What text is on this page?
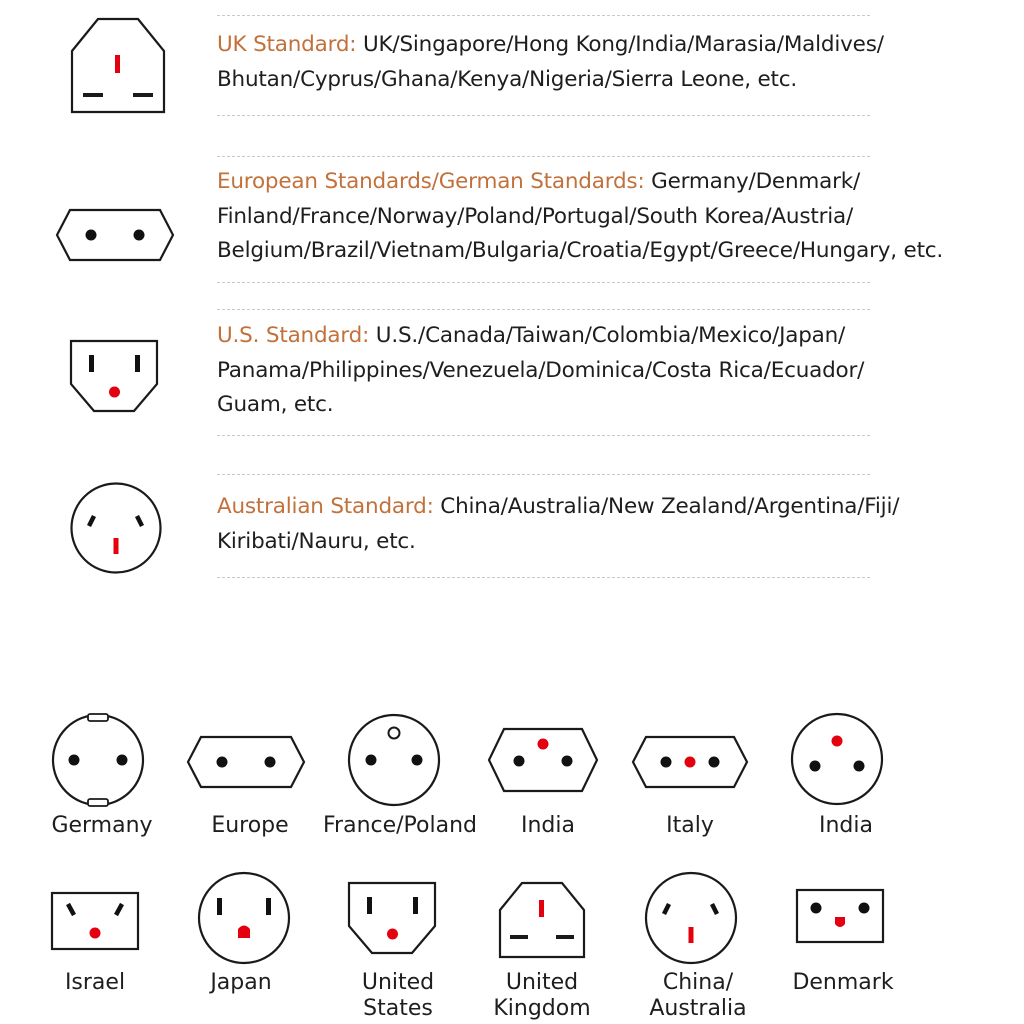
UK Standard: UK/Singapore/Hong Kong/India/Marasia/Maldives/
Bhutan/Cyprus/Ghana/Kenya/Nigeria/Sierra Leone, etc.
European Standards/German Standards: Germany/Denmark/
Finland/France/Norway/Poland/Portugal/South Korea/Austria/
Belgium/Brazil/Vietnam/Bulgaria/Croatia/Egypt/Greece/Hungary, etc.
U.S. Standard: U.S./Canada/Taiwan/Colombia/Mexico/Japan/
Panama/Philippines/Venezuela/Dominica/Costa Rica/Ecuador/
Guam, etc.
Australian Standard: China/Australia/New Zealand/Argentina/Fiji/
Kiribati/Nauru, etc.
Germany	Europe	France/Poland	India	Italy	India
Israel	Japan	United
States
United
Kingdom
China/
Australia
Denmark
